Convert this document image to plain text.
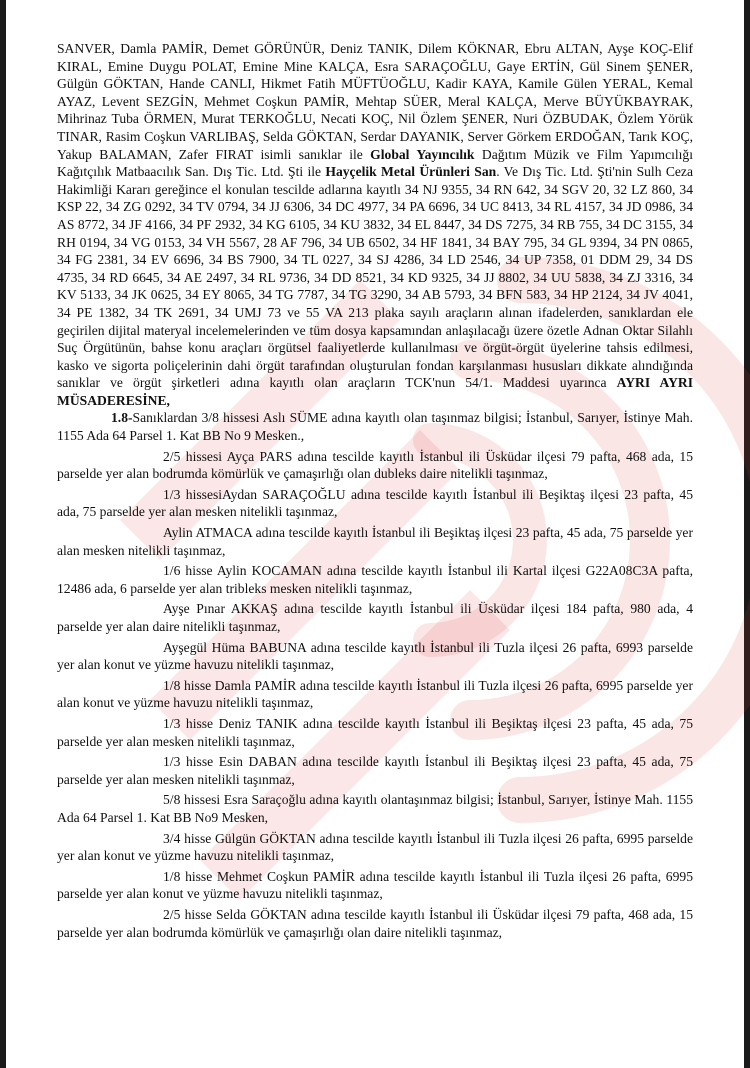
SANVER, Damla PAMİR, Demet GÖRÜNÜR, Deniz TANIK, Dilem KÖKNAR, Ebru ALTAN, Ayşe KOÇ-Elif KIRAL, Emine Duygu POLAT, Emine Mine KALÇA, Esra SARAÇOĞLU, Gaye ERTİN, Gül Sinem ŞENER, Gülgün GÖKTAN, Hande CANLI, Hikmet Fatih MÜFTÜOĞLU, Kadir KAYA, Kamile Gülen YERAL, Kemal AYAZ, Levent SEZGİN, Mehmet Coşkun PAMİR, Mehtap SÜER, Meral KALÇA, Merve BÜYÜKBAYRAK, Mihrinaz Tuba ÖRMEN, Murat TERKOĞLU, Necati KOÇ, Nil Özlem ŞENER, Nuri ÖZBUDAK, Özlem Yörük TINAR, Rasim Coşkun VARLIBAŞ, Selda GÖKTAN, Serdar DAYANIK, Server Görkem ERDOĞAN, Tarık KOÇ, Yakup BALAMAN, Zafer FIRAT isimli sanıklar ile Global Yayıncılık Dağıtım Müzik ve Film Yapımcılığı Kağıtçılık Matbaacılık San. Dış Tic. Ltd. Şti ile Hayçelik Metal Ürünleri San. Ve Dış Tic. Ltd. Şti'nin Sulh Ceza Hakimliği Kararı gereğince el konulan tescilde adlarına kayıtlı 34 NJ 9355, 34 RN 642, 34 SGV 20, 32 LZ 860, 34 KSP 22, 34 ZG 0292, 34 TV 0794, 34 JJ 6306, 34 DC 4977, 34 PA 6696, 34 UC 8413, 34 RL 4157, 34 JD 0986, 34 AS 8772, 34 JF 4166, 34 PF 2932, 34 KG 6105, 34 KU 3832, 34 EL 8447, 34 DS 7275, 34 RB 755, 34 DC 3155, 34 RH 0194, 34 VG 0153, 34 VH 5567, 28 AF 796, 34 UB 6502, 34 HF 1841, 34 BAY 795, 34 GL 9394, 34 PN 0865, 34 FG 2381, 34 EV 6696, 34 BS 7900, 34 TL 0227, 34 SJ 4286, 34 LD 2546, 34 UP 7358, 01 DDM 29, 34 DS 4735, 34 RD 6645, 34 AE 2497, 34 RL 9736, 34 DD 8521, 34 KD 9325, 34 JJ 8802, 34 UU 5838, 34 ZJ 3316, 34 KV 5133, 34 JK 0625, 34 EY 8065, 34 TG 7787, 34 TG 3290, 34 AB 5793, 34 BFN 583, 34 HP 2124, 34 JV 4041, 34 PE 1382, 34 TK 2691, 34 UMJ 73 ve 55 VA 213 plaka sayılı araçların alınan ifadelerden, sanıklardan ele geçirilen dijital materyal incelemelerinden ve tüm dosya kapsamından anlaşılacağı üzere özetle Adnan Oktar Silahlı Suç Örgütünün, bahse konu araçları örgütsel faaliyetlerde kullanılması ve örgüt-örgüt üyelerine tahsis edilmesi, kasko ve sigorta poliçelerinin dahi örgüt tarafından oluşturulan fondan karşılanması hususları dikkate alındığında sanıklar ve örgüt şirketleri adına kayıtlı olan araçların TCK'nun 54/1. Maddesi uyarınca AYRI AYRI MÜSADERESİNE,

1.8-Sanıklardan 3/8 hissesi Aslı SÜME adına kayıtlı olan taşınmaz bilgisi; İstanbul, Sarıyer, İstinye Mah. 1155 Ada 64 Parsel 1. Kat BB No 9 Mesken.,

2/5 hissesi Ayça PARS adına tescilde kayıtlı İstanbul ili Üsküdar ilçesi 79 pafta, 468 ada, 15 parselde yer alan bodrumda kömürlük ve çamaşırlığı olan dubleks daire nitelikli taşınmaz,

1/3 hissesiAydan SARAÇOĞLU adına tescilde kayıtlı İstanbul ili Beşiktaş ilçesi 23 pafta, 45 ada, 75 parselde yer alan mesken nitelikli taşınmaz,

Aylin ATMACA adına tescilde kayıtlı İstanbul ili Beşiktaş ilçesi 23 pafta, 45 ada, 75 parselde yer alan mesken nitelikli taşınmaz,

1/6 hisse Aylin KOCAMAN adına tescilde kayıtlı İstanbul ili Kartal ilçesi G22A08C3A pafta, 12486 ada, 6 parselde yer alan tribleks mesken nitelikli taşınmaz,

Ayşe Pınar AKKAŞ adına tescilde kayıtlı İstanbul ili Üsküdar ilçesi 184 pafta, 980 ada, 4 parselde yer alan daire nitelikli taşınmaz,

Ayşegül Hüma BABUNA adına tescilde kayıtlı İstanbul ili Tuzla ilçesi 26 pafta, 6993 parselde yer alan konut ve yüzme havuzu nitelikli taşınmaz,

1/8 hisse Damla PAMİR adına tescilde kayıtlı İstanbul ili Tuzla ilçesi 26 pafta, 6995 parselde yer alan konut ve yüzme havuzu nitelikli taşınmaz,

1/3 hisse Deniz TANIK adına tescilde kayıtlı İstanbul ili Beşiktaş ilçesi 23 pafta, 45 ada, 75 parselde yer alan mesken nitelikli taşınmaz,

1/3 hisse Esin DABAN adına tescilde kayıtlı İstanbul ili Beşiktaş ilçesi 23 pafta, 45 ada, 75 parselde yer alan mesken nitelikli taşınmaz,

5/8 hissesi Esra Saraçoğlu adına kayıtlı olantaşınmaz bilgisi; İstanbul, Sarıyer, İstinye Mah. 1155 Ada 64 Parsel 1. Kat BB No9 Mesken,

3/4 hisse Gülgün GÖKTAN adına tescilde kayıtlı İstanbul ili Tuzla ilçesi 26 pafta, 6995 parselde yer alan konut ve yüzme havuzu nitelikli taşınmaz,

1/8 hisse Mehmet Coşkun PAMİR adına tescilde kayıtlı İstanbul ili Tuzla ilçesi 26 pafta, 6995 parselde yer alan konut ve yüzme havuzu nitelikli taşınmaz,

2/5 hisse Selda GÖKTAN adına tescilde kayıtlı İstanbul ili Üsküdar ilçesi 79 pafta, 468 ada, 15 parselde yer alan bodrumda kömürlük ve çamaşırlığı olan daire nitelikli taşınmaz,
